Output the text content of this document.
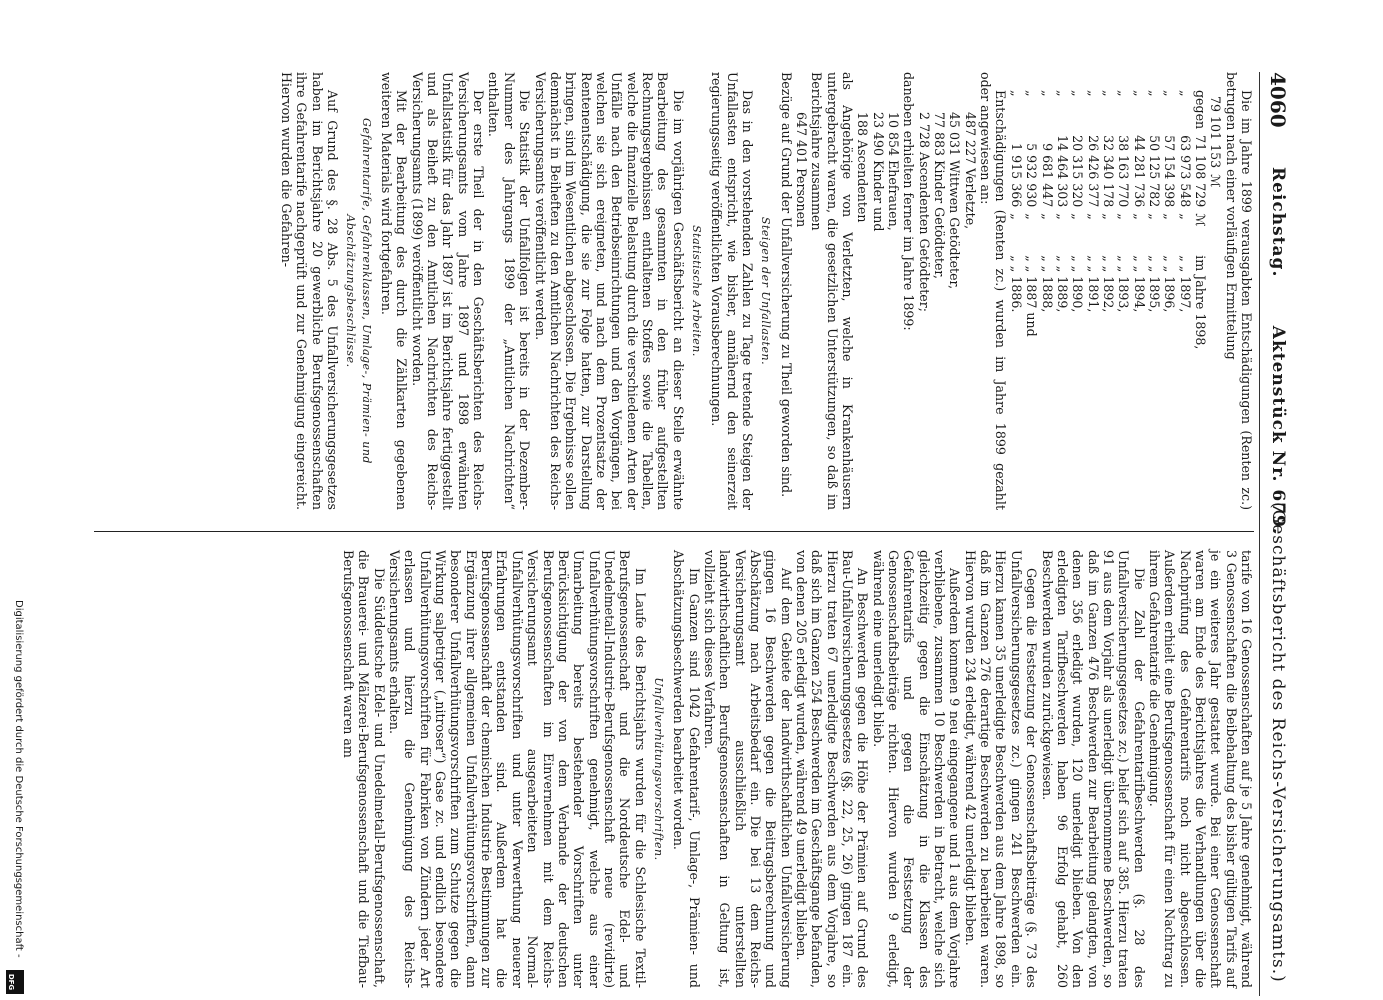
4060
Reichstag.       Aktenstück Nr. 679.
(Geschäftsbericht des Reichs-Versicherungsamts.)

Die im Jahre 1899 verausgabten Entschädigungen (Renten zc.) betrugen nach einer vorläufigen Ermittelung

	79 101 153	ℳ	
gegen	71 108 729	ℳ	im Jahre 1898,
„	63 973 548	„	„ „ 1897,
„	57 154 398	„	„ „ 1896,
„	50 125 782	„	„ „ 1895,
„	44 281 736	„	„ „ 1894,
„	38 163 770	„	„ „ 1893,
„	32 340 178	„	„ „ 1892,
„	26 426 377	„	„ „ 1891,
„	20 315 320	„	„ „ 1890,
„	14 464 303	„	„ „ 1889,
„	9 681 447	„	„ „ 1888,
„	5 932 930	„	„ „ 1887 und
„	1 915 366	„	„ „ 1886.

Entschädigungen (Renten zc.) wurden im Jahre 1899 gezahlt oder angewiesen an:

487 227 Verletzte,
45 031 Wittwen Getödteter,
77 883 Kinder Getödteter,
2 728 Ascendenten Getödteter;

daneben erhielten ferner im Jahre 1899:

10 854 Ehefrauen,
23 490 Kinder und
188 Ascendenten

als Angehörige von Verletzten, welche in Krankenhäusern untergebracht waren, die gesetzlichen Unterstützungen, so daß im Berichtsjahre zusammen

647 401 Personen

Bezüge auf Grund der Unfallversicherung zu Theil geworden sind.

Steigen der Unfallasten.

Das in den vorstehenden Zahlen zu Tage tretende Steigen der Unfallasten entspricht, wie bisher, annähernd den seinerzeit regierungsseitig veröffentlichten Vorausberechnungen.

Statistische Arbeiten.

Die im vorjährigen Geschäftsbericht an dieser Stelle erwähnte Bearbeitung des gesammten in den früher aufgestellten Rechnungsergebnissen enthaltenen Stoffes sowie die Tabellen, welche die finanzielle Belastung durch die verschiedenen Arten der Unfälle nach den Betriebseinrichtungen und den Vorgängen, bei welchen sie sich ereigneten, und nach dem Prozentsatze der Rentenentschädigung, die sie zur Folge hatten, zur Darstellung bringen, sind im Wesentlichen abgeschlossen. Die Ergebnisse sollen demnächst in Beiheften zu den Amtlichen Nachrichten des Reichs-Versicherungsamts veröffentlicht werden.

Die Statistik der Unfallfolgen ist bereits in der Dezember-Nummer des Jahrgangs 1899 der „Amtlichen Nachrichten“ enthalten.

Der erste Theil der in den Geschäftsberichten des Reichs-Versicherungsamts vom Jahre 1897 und 1898 erwähnten Unfallstatistik für das Jahr 1897 ist im Berichtsjahre fertiggestellt und als Beiheft zu den Amtlichen Nachrichten des Reichs-Versicherungsamts (1899) veröffentlicht worden.

Mit der Bearbeitung des durch die Zählkarten gegebenen weiteren Materials wird fortgefahren.

Gefahrentarife, Gefahrenklassen, Umlage-, Prämien- und Abschätzungsbeschlüsse.

Auf Grund des §. 28 Abs. 5 des Unfallversicherungsgesetzes haben im Berichtsjahre 20 gewerbliche Berufsgenossenschaften ihre Gefahrentarife nachgeprüft und zur Genehmigung eingereicht. Hiervon wurden die Gefahren-

tarife von 16 Genossenschaften auf je 5 Jahre genehmigt, während 3 Genossenschaften die Beibehaltung des bisher gültigen Tarifs auf je ein weiteres Jahr gestattet wurde. Bei einer Genossenschaft waren am Ende des Berichtsjahres die Verhandlungen über die Nachprüfung des Gefahrentarifs noch nicht abgeschlossen. Außerdem erhielt eine Berufsgenossenschaft für einen Nachtrag zu ihrem Gefahrentarife die Genehmigung.

Die Zahl der Gefahrentarifbeschwerden (§. 28 des Unfallversicherungsgesetzes zc.) belief sich auf 385. Hierzu traten 91 aus dem Vorjahr als unerledigt übernommene Beschwerden, so daß im Ganzen 476 Beschwerden zur Bearbeitung gelangten, von denen 356 erledigt wurden, 120 unerledigt blieben. Von den erledigten Tarifbeschwerden haben 96 Erfolg gehabt, 260 Beschwerden wurden zurückgewiesen.

Gegen die Festsetzung der Genossenschaftsbeiträge (§. 73 des Unfallversicherungsgesetzes zc.) gingen 241 Beschwerden ein. Hierzu kamen 35 unerledigte Beschwerden aus dem Jahre 1898, so daß im Ganzen 276 derartige Beschwerden zu bearbeiten waren. Hiervon wurden 234 erledigt, während 42 unerledigt blieben.

Außerdem kommen 9 neu eingegangene und 1 aus dem Vorjahre verbliebene, zusammen 10 Beschwerden in Betracht, welche sich gleichzeitig gegen die Einschätzung in die Klassen des Gefahrentarifs und gegen die Festsetzung der Genossenschaftsbeiträge richten. Hiervon wurden 9 erledigt, während eine unerledigt blieb.

An Beschwerden gegen die Höhe der Prämien auf Grund des Bau-Unfallversicherungsgesetzes (§§. 22, 25, 26) gingen 187 ein. Hierzu traten 67 unerledigte Beschwerden aus dem Vorjahre, so daß sich im Ganzen 254 Beschwerden im Geschäftsgange befanden, von denen 205 erledigt wurden, während 49 unerledigt blieben.

Auf dem Gebiete der landwirthschaftlichen Unfallversicherung gingen 16 Beschwerden gegen die Beitragsberechnung und Abschätzung nach Arbeitsbedarf ein. Die bei 13 dem Reichs-Versicherungsamt ausschließlich unterstellten landwirthschaftlichen Berufsgenossenschaften in Geltung ist, vollzieht sich dieses Verfahren.

Im Ganzen sind 1042 Gefahrentarif-, Umlage-, Prämien- und Abschätzungsbeschwerden bearbeitet worden.

Unfallverhütungsvorschriften.

Im Laufe des Berichtsjahrs wurden für die Schlesische Textil-Berufsgenossenschaft und die Norddeutsche Edel- und Unedelmetall-Industrie-Berufsgenossenschaft neue (revidirte) Unfallverhütungsvorschriften genehmigt, welche aus einer Umarbeitung bereits bestehender Vorschriften unter Berücksichtigung der von dem Verbande der deutschen Berufsgenossenschaften im Einvernehmen mit dem Reichs-Versicherungsamt ausgearbeiteten Normal-Unfallverhütungsvorschriften und unter Verwerthung neuerer Erfahrungen entstanden sind. Außerdem hat die Berufsgenossenschaft der chemischen Industrie Bestimmungen zur Ergänzung ihrer allgemeinen Unfallverhütungsvorschriften, dann besonderer Unfallverhütungsvorschriften zum Schutze gegen die Wirkung salpetriger („nitroser“) Gase zc. und endlich besondere Unfallverhütungsvorschriften für Fabriken von Zündern jeder Art erlassen und hierzu die Genehmigung des Reichs-Versicherungsamts erhalten.

Die Süddeutsche Edel- und Unedelmetall-Berufsgenossenschaft, die Brauerei- und Mälzerei-Berufsgenossenschaft und die Tiefbau-Berufsgenossenschaft waren am

Digitalisierung gefördert durch die Deutsche Forschungsgemeinschaft -
DFG
